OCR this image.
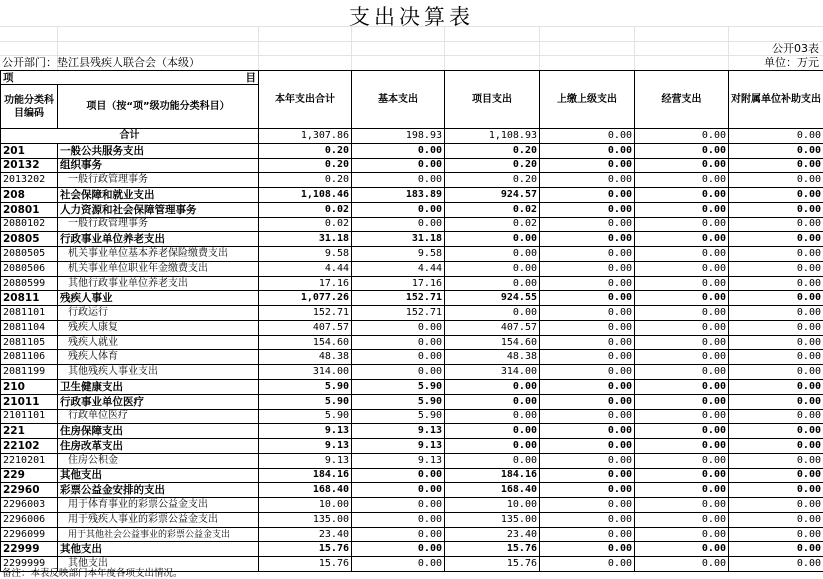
支出决算表
公开03表
公开部门：垫江县残疾人联合会（本级）	单位：万元
项 目		本年支出合计	基本支出	项目支出	上缴上级支出	经营支出	对附属单位补助支出
功能分类科目编码	项目（按“项”级功能分类科目）						
合计		1,307.86	198.93	1,108.93	0.00	0.00	0.00
201	一般公共服务支出	0.20	0.00	0.20	0.00	0.00	0.00
20132	组织事务	0.20	0.00	0.20	0.00	0.00	0.00
2013202	一般行政管理事务	0.20	0.00	0.20	0.00	0.00	0.00
208	社会保障和就业支出	1,108.46	183.89	924.57	0.00	0.00	0.00
20801	人力资源和社会保障管理事务	0.02	0.00	0.02	0.00	0.00	0.00
2080102	一般行政管理事务	0.02	0.00	0.02	0.00	0.00	0.00
20805	行政事业单位养老支出	31.18	31.18	0.00	0.00	0.00	0.00
2080505	机关事业单位基本养老保险缴费支出	9.58	9.58	0.00	0.00	0.00	0.00
2080506	机关事业单位职业年金缴费支出	4.44	4.44	0.00	0.00	0.00	0.00
2080599	其他行政事业单位养老支出	17.16	17.16	0.00	0.00	0.00	0.00
20811	残疾人事业	1,077.26	152.71	924.55	0.00	0.00	0.00
2081101	行政运行	152.71	152.71	0.00	0.00	0.00	0.00
2081104	残疾人康复	407.57	0.00	407.57	0.00	0.00	0.00
2081105	残疾人就业	154.60	0.00	154.60	0.00	0.00	0.00
2081106	残疾人体育	48.38	0.00	48.38	0.00	0.00	0.00
2081199	其他残疾人事业支出	314.00	0.00	314.00	0.00	0.00	0.00
210	卫生健康支出	5.90	5.90	0.00	0.00	0.00	0.00
21011	行政事业单位医疗	5.90	5.90	0.00	0.00	0.00	0.00
2101101	行政单位医疗	5.90	5.90	0.00	0.00	0.00	0.00
221	住房保障支出	9.13	9.13	0.00	0.00	0.00	0.00
22102	住房改革支出	9.13	9.13	0.00	0.00	0.00	0.00
2210201	住房公积金	9.13	9.13	0.00	0.00	0.00	0.00
229	其他支出	184.16	0.00	184.16	0.00	0.00	0.00
22960	彩票公益金安排的支出	168.40	0.00	168.40	0.00	0.00	0.00
2296003	用于体育事业的彩票公益金支出	10.00	0.00	10.00	0.00	0.00	0.00
2296006	用于残疾人事业的彩票公益金支出	135.00	0.00	135.00	0.00	0.00	0.00
2296099	用于其他社会公益事业的彩票公益金支出	23.40	0.00	23.40	0.00	0.00	0.00
22999	其他支出	15.76	0.00	15.76	0.00	0.00	0.00
2299999	其他支出	15.76	0.00	15.76	0.00	0.00	0.00
备注：本表反映部门本年度各项支出情况。
